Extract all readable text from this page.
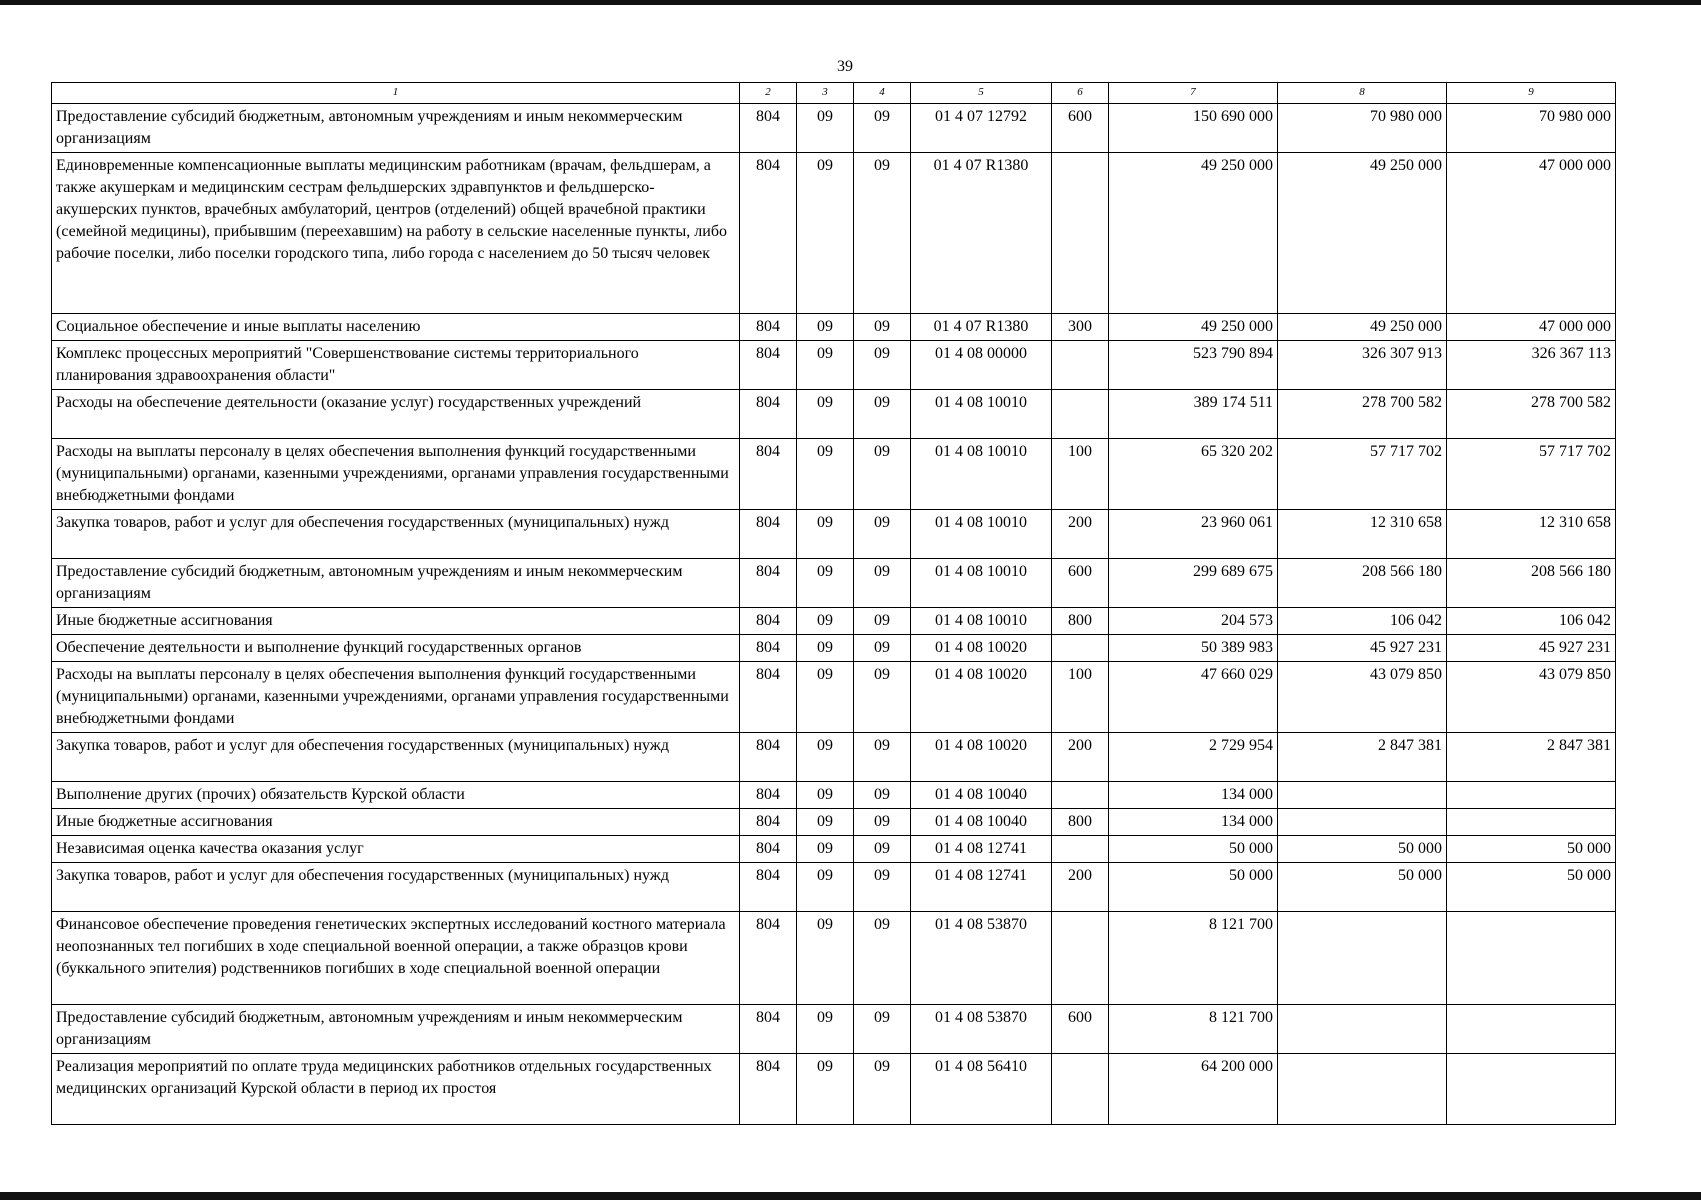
39
1	2	3	4	5	6	7	8	9
Предоставление субсидий бюджетным, автономным учреждениям и иным некоммерческим организациям	804	09	09	01 4 07 12792	600	150 690 000	70 980 000	70 980 000
Единовременные компенсационные выплаты медицинским работникам (врачам, фельдшерам, а также акушеркам и медицинским сестрам фельдшерских здравпунктов и фельдшерско-акушерских пунктов, врачебных амбулаторий, центров (отделений) общей врачебной практики (семейной медицины), прибывшим (переехавшим) на работу в сельские населенные пункты, либо рабочие поселки, либо поселки городского типа, либо города с населением до 50 тысяч человек	804	09	09	01 4 07 R1380		49 250 000	49 250 000	47 000 000
Социальное обеспечение и иные выплаты населению	804	09	09	01 4 07 R1380	300	49 250 000	49 250 000	47 000 000
Комплекс процессных мероприятий "Совершенствование системы территориального планирования здравоохранения области"	804	09	09	01 4 08 00000		523 790 894	326 307 913	326 367 113
Расходы на обеспечение деятельности (оказание услуг) государственных учреждений	804	09	09	01 4 08 10010		389 174 511	278 700 582	278 700 582
Расходы на выплаты персоналу в целях обеспечения выполнения функций государственными (муниципальными) органами, казенными учреждениями, органами управления государственными внебюджетными фондами	804	09	09	01 4 08 10010	100	65 320 202	57 717 702	57 717 702
Закупка товаров, работ и услуг для обеспечения государственных (муниципальных) нужд	804	09	09	01 4 08 10010	200	23 960 061	12 310 658	12 310 658
Предоставление субсидий бюджетным, автономным учреждениям и иным некоммерческим организациям	804	09	09	01 4 08 10010	600	299 689 675	208 566 180	208 566 180
Иные бюджетные ассигнования	804	09	09	01 4 08 10010	800	204 573	106 042	106 042
Обеспечение деятельности и выполнение функций государственных органов	804	09	09	01 4 08 10020		50 389 983	45 927 231	45 927 231
Расходы на выплаты персоналу в целях обеспечения выполнения функций государственными (муниципальными) органами, казенными учреждениями, органами управления государственными внебюджетными фондами	804	09	09	01 4 08 10020	100	47 660 029	43 079 850	43 079 850
Закупка товаров, работ и услуг для обеспечения государственных (муниципальных) нужд	804	09	09	01 4 08 10020	200	2 729 954	2 847 381	2 847 381
Выполнение других (прочих) обязательств Курской области	804	09	09	01 4 08 10040		134 000		
Иные бюджетные ассигнования	804	09	09	01 4 08 10040	800	134 000		
Независимая оценка качества оказания услуг	804	09	09	01 4 08 12741		50 000	50 000	50 000
Закупка товаров, работ и услуг для обеспечения государственных (муниципальных) нужд	804	09	09	01 4 08 12741	200	50 000	50 000	50 000
Финансовое обеспечение проведения генетических экспертных исследований костного материала неопознанных тел погибших в ходе специальной военной операции, а также образцов крови (буккального эпителия) родственников погибших в ходе специальной военной операции	804	09	09	01 4 08 53870		8 121 700		
Предоставление субсидий бюджетным, автономным учреждениям и иным некоммерческим организациям	804	09	09	01 4 08 53870	600	8 121 700		
Реализация мероприятий по оплате труда медицинских работников отдельных государственных медицинских организаций Курской области в период их простоя	804	09	09	01 4 08 56410		64 200 000		
